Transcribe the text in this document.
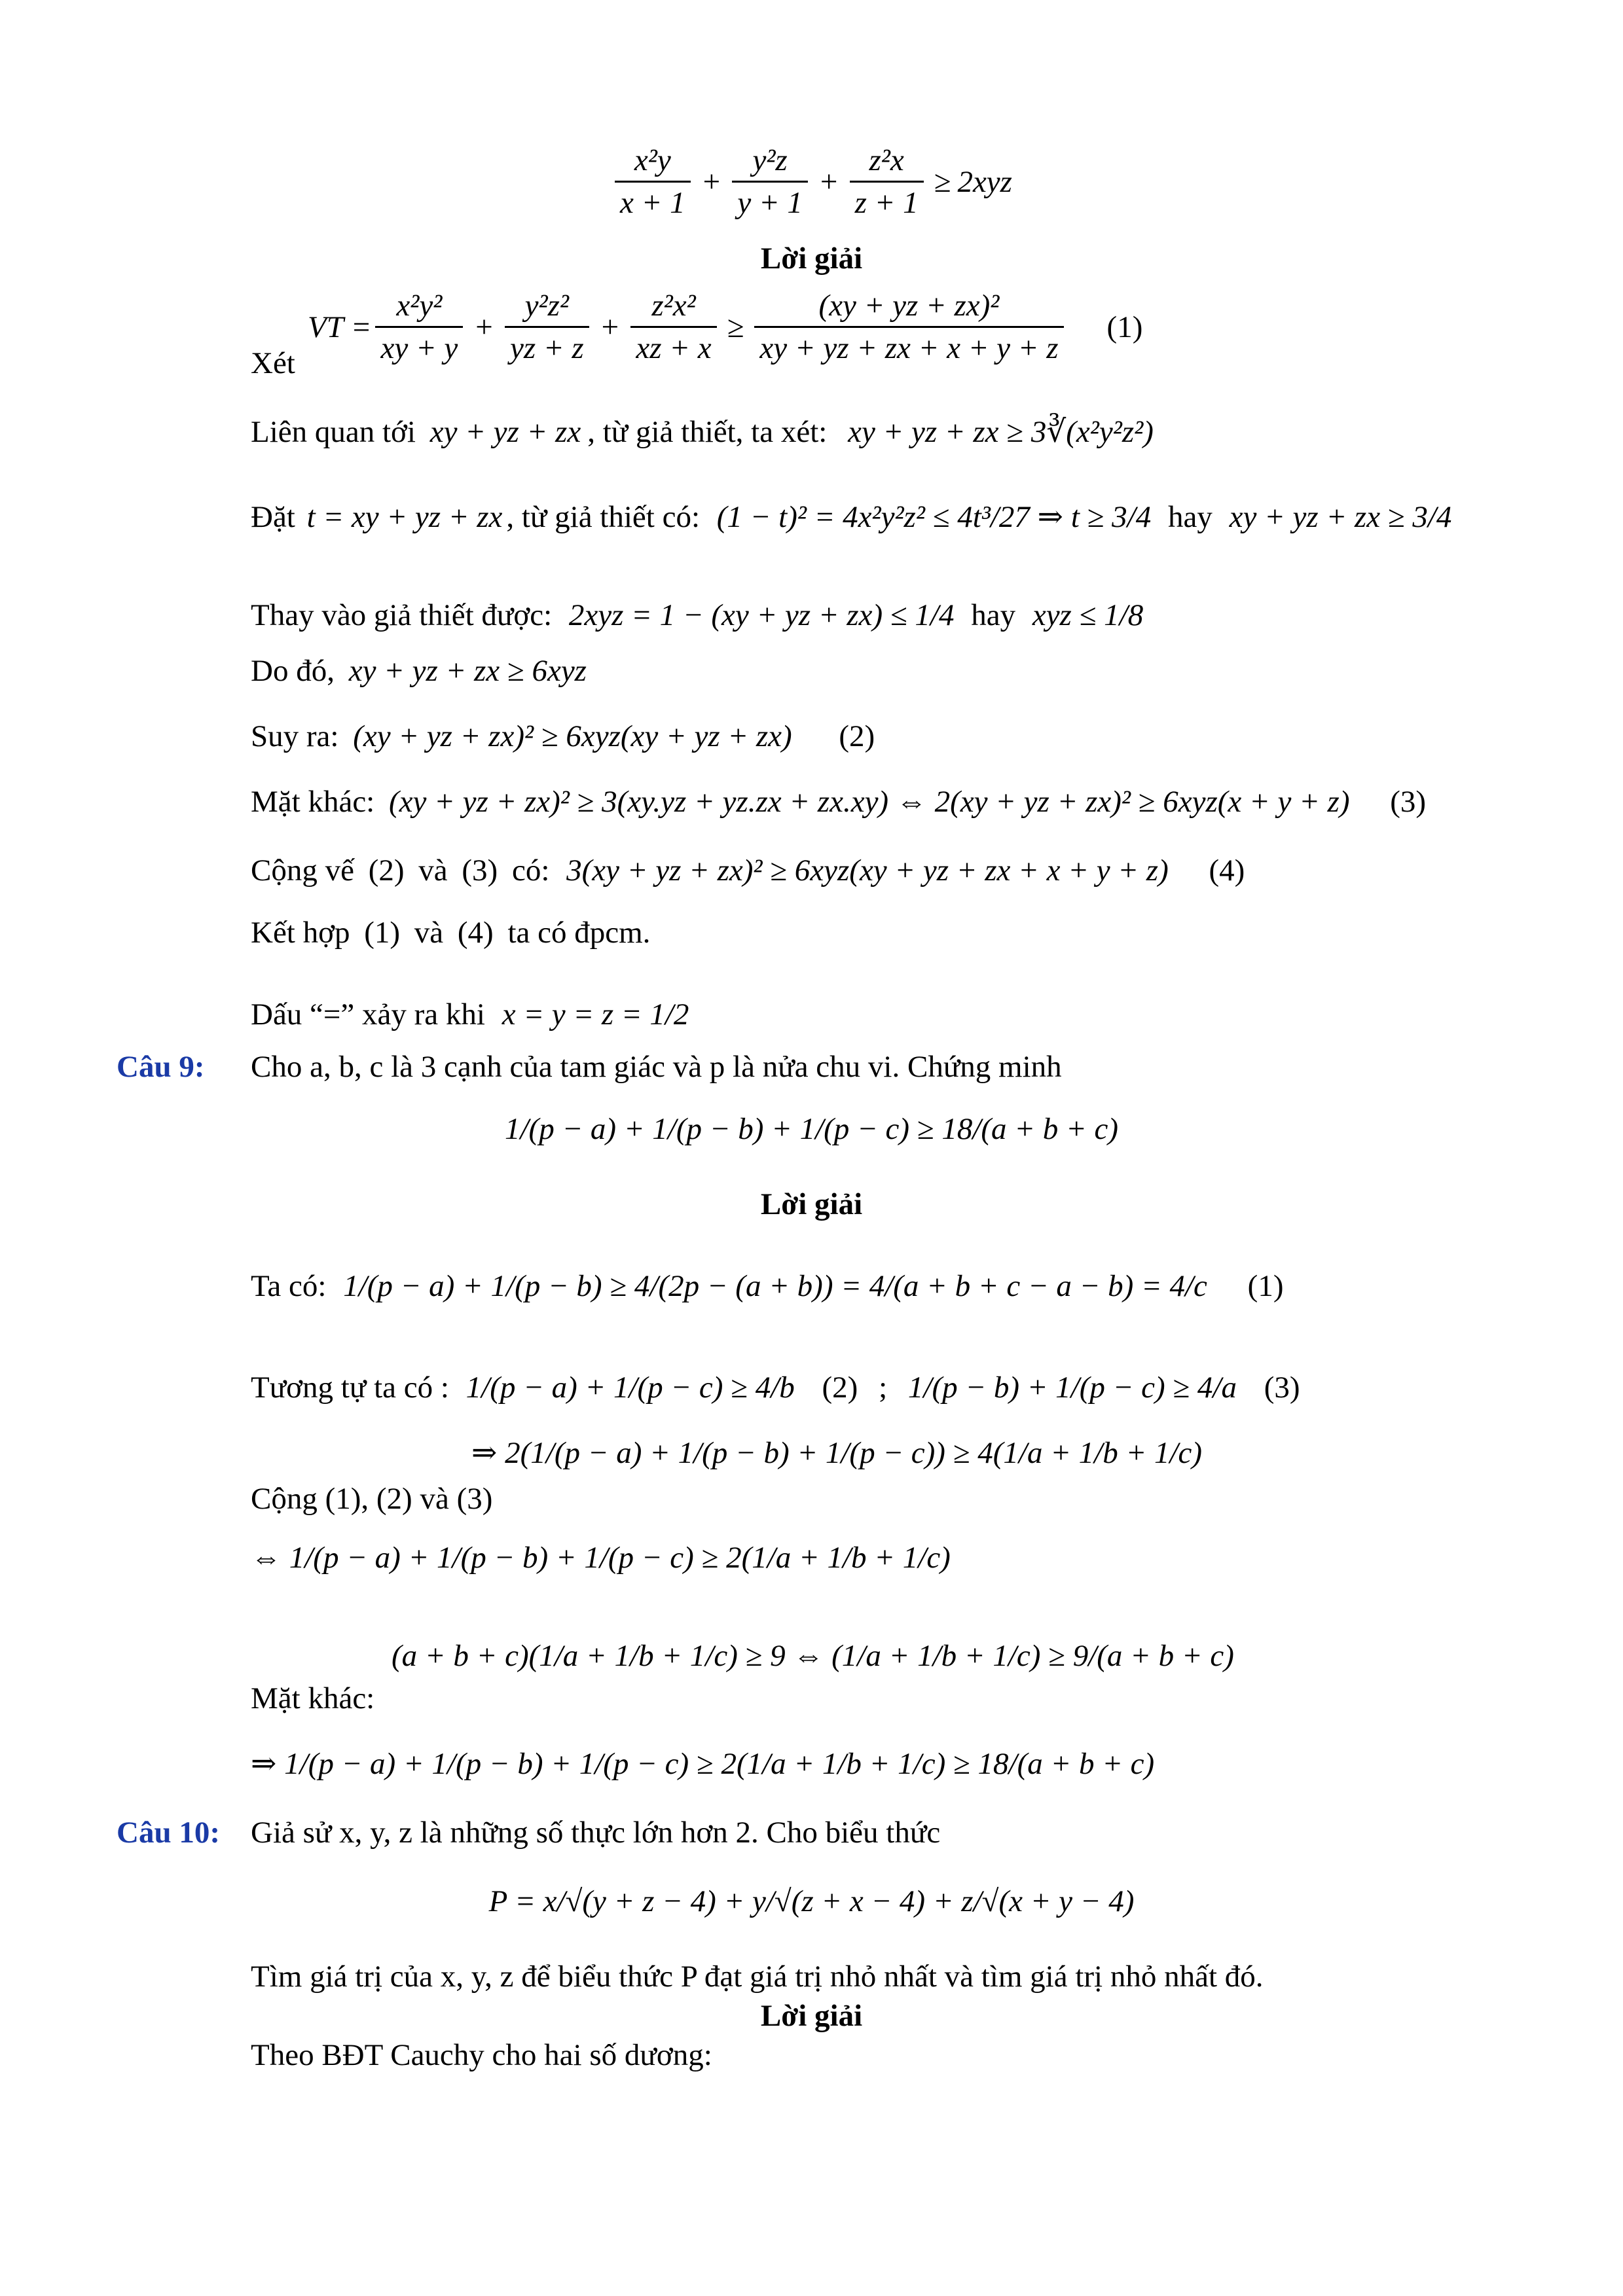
$\frac{\text{x²y}}{x + 1} + \frac{\text{y²z}}{y + 1} + \frac{\text{z²x}}{z + 1} \ge 2xyz$
Lời giải
Xét
VT = $\frac{\text{x²y²}}{xy + y} + \frac{\text{y²z²}}{yz + z} + \frac{\text{z²x²}}{xz + x} \ge \frac{\text{(xy + yz + zx)²}}{xy + yz + zx + x + y + z} (1)$
Liên quan tới xy + yz + zx , từ giả thiết, ta xét: xy + yz + zx ≥ 3∛(x²y²z²)
Đặt t = xy + yz + zx , từ giả thiết có: (1 − t)² = 4x²y²z² ≤ 4t³/27 ⇒ t ≥ 3/4 hay xy + yz + zx ≥ 3/4
Thay vào giả thiết được: 2xyz = 1 − (xy + yz + zx) ≤ 1/4 hay xyz ≤ 1/8
Do đó, xy + yz + zx ≥ 6xyz
Suy ra: (xy + yz + zx)² ≥ 6xyz(xy + yz + zx) (2)
Mặt khác: (xy + yz + zx)² ≥ 3(xy.yz + yz.zx + zx.xy) ⇔ 2(xy + yz + zx)² ≥ 6xyz(x + y + z) (3)
Cộng vế (2) và (3) có: 3(xy + yz + zx)² ≥ 6xyz(xy + yz + zx + x + y + z) (4)
Kết hợp (1) và (4) ta có đpcm.
Dấu “=” xảy ra khi x = y = z = 1/2
Câu 9: Cho a, b, c là 3 cạnh của tam giác và p là nửa chu vi. Chứng minh
1/(p − a) + 1/(p − b) + 1/(p − c) ≥ 18/(a + b + c)
Lời giải
Ta có: 1/(p − a) + 1/(p − b) ≥ 4/(2p − (a + b)) = 4/(a + b + c − a − b) = 4/c (1)
Tương tự ta có : 1/(p − a) + 1/(p − c) ≥ 4/b (2) ; 1/(p − b) + 1/(p − c) ≥ 4/a (3)
⇒ 2(1/(p − a) + 1/(p − b) + 1/(p − c)) ≥ 4(1/a + 1/b + 1/c)
Cộng (1), (2) và (3)
⇔ 1/(p − a) + 1/(p − b) + 1/(p − c) ≥ 2(1/a + 1/b + 1/c)
(a + b + c)(1/a + 1/b + 1/c) ≥ 9 ⇔ (1/a + 1/b + 1/c) ≥ 9/(a + b + c)
Mặt khác:
⇒ 1/(p − a) + 1/(p − b) + 1/(p − c) ≥ 2(1/a + 1/b + 1/c) ≥ 18/(a + b + c)
Câu 10: Giả sử x, y, z là những số thực lớn hơn 2. Cho biểu thức
P = x/√(y + z − 4) + y/√(z + x − 4) + z/√(x + y − 4)
Tìm giá trị của x, y, z để biểu thức P đạt giá trị nhỏ nhất và tìm giá trị nhỏ nhất đó.
Lời giải
Theo BĐT Cauchy cho hai số dương:
